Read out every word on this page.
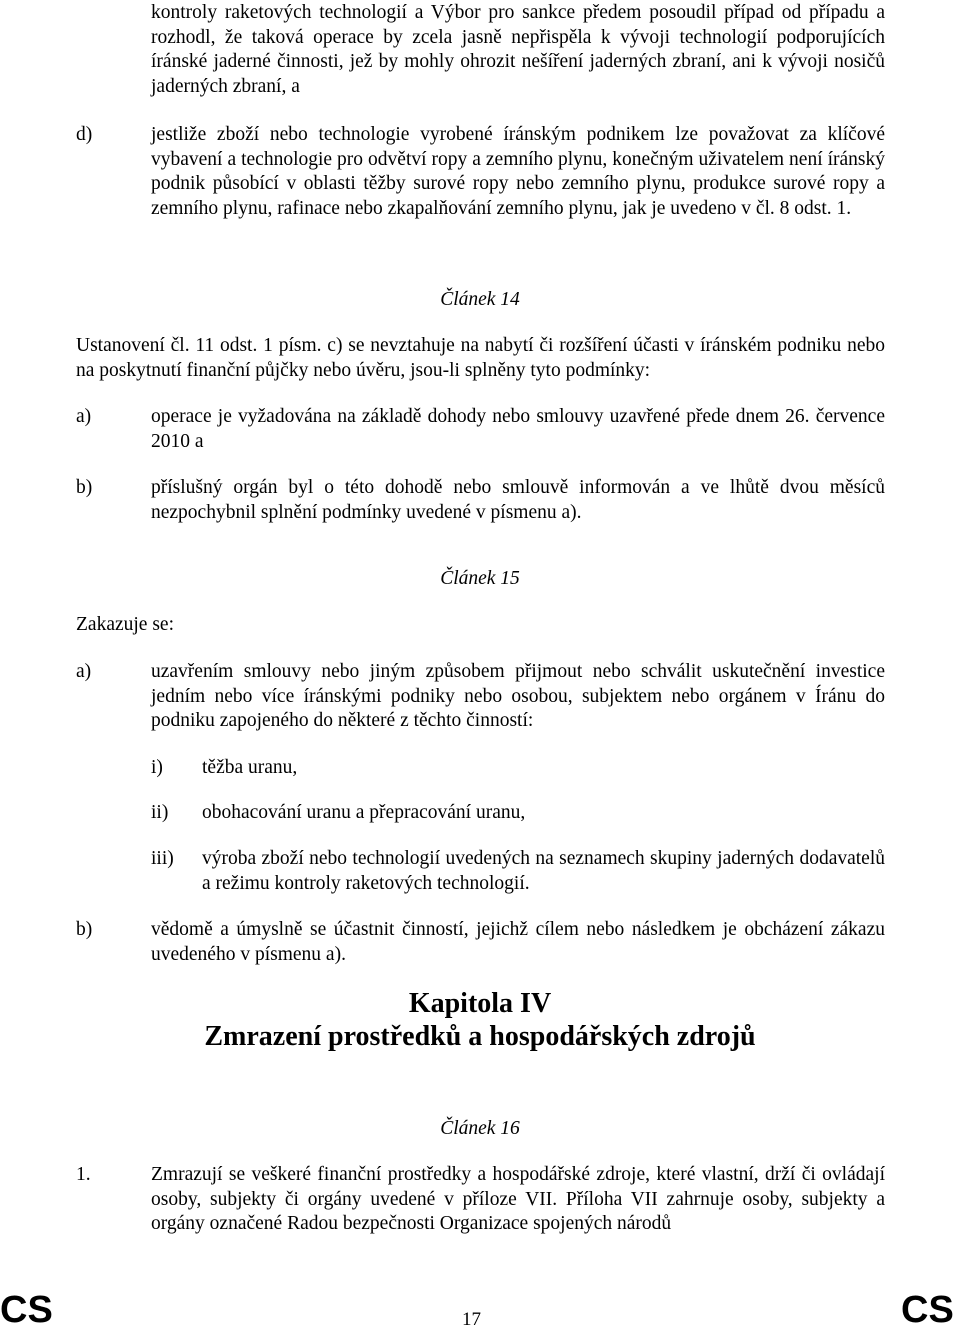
kontroly raketových technologií a Výbor pro sankce předem posoudil případ od případu a rozhodl, že taková operace by zcela jasně nepřispěla k vývoji technologií podporujících íránské jaderné činnosti, jež by mohly ohrozit nešíření jaderných zbraní, ani k vývoji nosičů jaderných zbraní, a
d)	jestliže zboží nebo technologie vyrobené íránským podnikem lze považovat za klíčové vybavení a technologie pro odvětví ropy a zemního plynu, konečným uživatelem není íránský podnik působící v oblasti těžby surové ropy nebo zemního plynu, produkce surové ropy a zemního plynu, rafinace nebo zkapalňování zemního plynu, jak je uvedeno v čl. 8 odst. 1.
Článek 14
Ustanovení čl. 11 odst. 1 písm. c) se nevztahuje na nabytí či rozšíření účasti v íránském podniku nebo na poskytnutí finanční půjčky nebo úvěru, jsou-li splněny tyto podmínky:
a)	operace je vyžadována na základě dohody nebo smlouvy uzavřené přede dnem 26. července 2010 a
b)	příslušný orgán byl o této dohodě nebo smlouvě informován a ve lhůtě dvou měsíců nezpochybnil splnění podmínky uvedené v písmenu a).
Článek 15
Zakazuje se:
a)	uzavřením smlouvy nebo jiným způsobem přijmout nebo schválit uskutečnění investice jedním nebo více íránskými podniky nebo osobou, subjektem nebo orgánem v Íránu do podniku zapojeného do některé z těchto činností:
i) těžba uranu,
ii) obohacování uranu a přepracování uranu,
iii) výroba zboží nebo technologií uvedených na seznamech skupiny jaderných dodavatelů a režimu kontroly raketových technologií.
b)	vědomě a úmyslně se účastnit činností, jejichž cílem nebo následkem je obcházení zákazu uvedeného v písmenu a).
Kapitola IV
Zmrazení prostředků a hospodářských zdrojů
Článek 16
1.	Zmrazují se veškeré finanční prostředky a hospodářské zdroje, které vlastní, drží či ovládají osoby, subjekty či orgány uvedené v příloze VII. Příloha VII zahrnuje osoby, subjekty a orgány označené Radou bezpečnosti Organizace spojených národů
CS	17	CS
